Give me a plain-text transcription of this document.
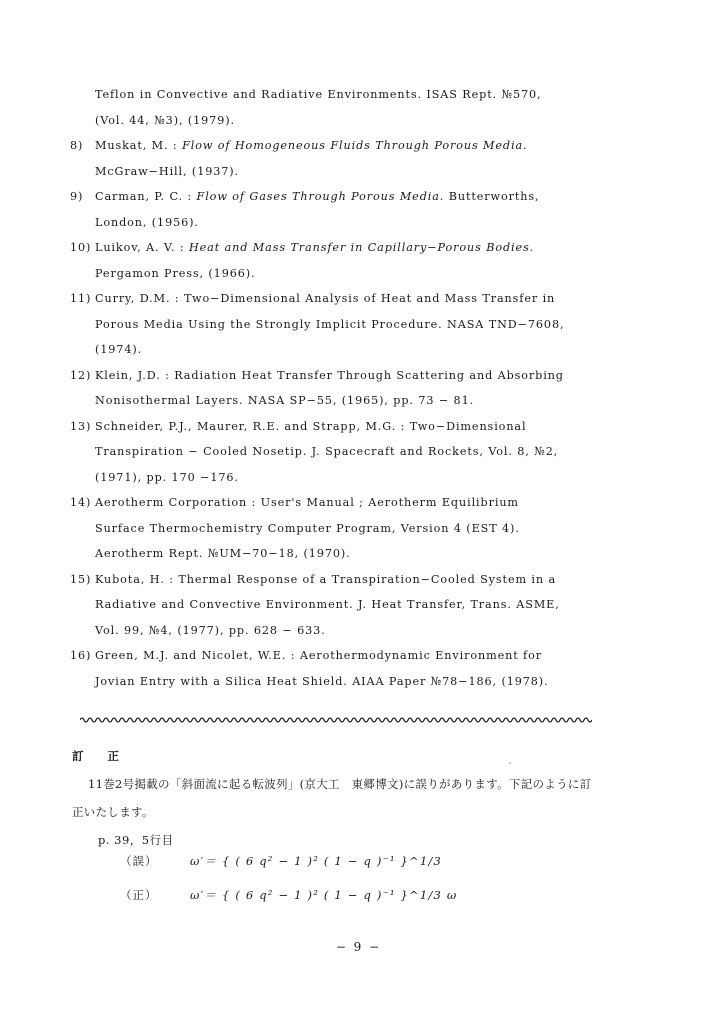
Teflon in Convective and Radiative Environments. ISAS Rept. №570,
(Vol. 44, №3), (1979).
8)	Muskat, M. : Flow of Homogeneous Fluids Through Porous Media.
McGraw−Hill, (1937).
9)	Carman, P. C. : Flow of Gases Through Porous Media. Butterworths,
London, (1956).
10) Luikov, A. V. : Heat and Mass Transfer in Capillary−Porous Bodies.
Pergamon Press, (1966).
11) Curry, D.M. : Two−Dimensional Analysis of Heat and Mass Transfer in
Porous Media Using the Strongly Implicit Procedure. NASA TND−7608,
(1974).
12) Klein, J.D. : Radiation Heat Transfer Through Scattering and Absorbing
Nonisothermal Layers. NASA SP−55, (1965), pp. 73 − 81.
13) Schneider, P.J., Maurer, R.E. and Strapp, M.G. : Two−Dimensional
Transpiration − Cooled Nosetip. J. Spacecraft and Rockets, Vol. 8, №2,
(1971), pp. 170 −176.
14) Aerotherm Corporation : User's Manual ; Aerotherm Equilibrium
Surface Thermochemistry Computer Program, Version 4 (EST 4).
Aerotherm Rept. №UM−70−18, (1970).
15) Kubota, H. : Thermal Response of a Transpiration−Cooled System in a
Radiative and Convective Environment. J. Heat Transfer, Trans. ASME,
Vol. 99, №4, (1977), pp. 628 − 633.
16) Green, M.J. and Nicolet, W.E. : Aerothermodynamic Environment for
Jovian Entry with a Silica Heat Shield. AIAA Paper №78−186, (1978).
訂 正
11巻2号掲載の「斜面流に起る転波列」(京大工　東郷博文)に誤りがあります。下記のように訂
正いたします。
p. 39，5行目
（誤）	ω′＝ { ( 6 q² − 1 )² ( 1 − q )⁻¹ }^1/3
（正）	ω′＝ { ( 6 q² − 1 )² ( 1 − q )⁻¹ }^1/3 ω
− 9 −
